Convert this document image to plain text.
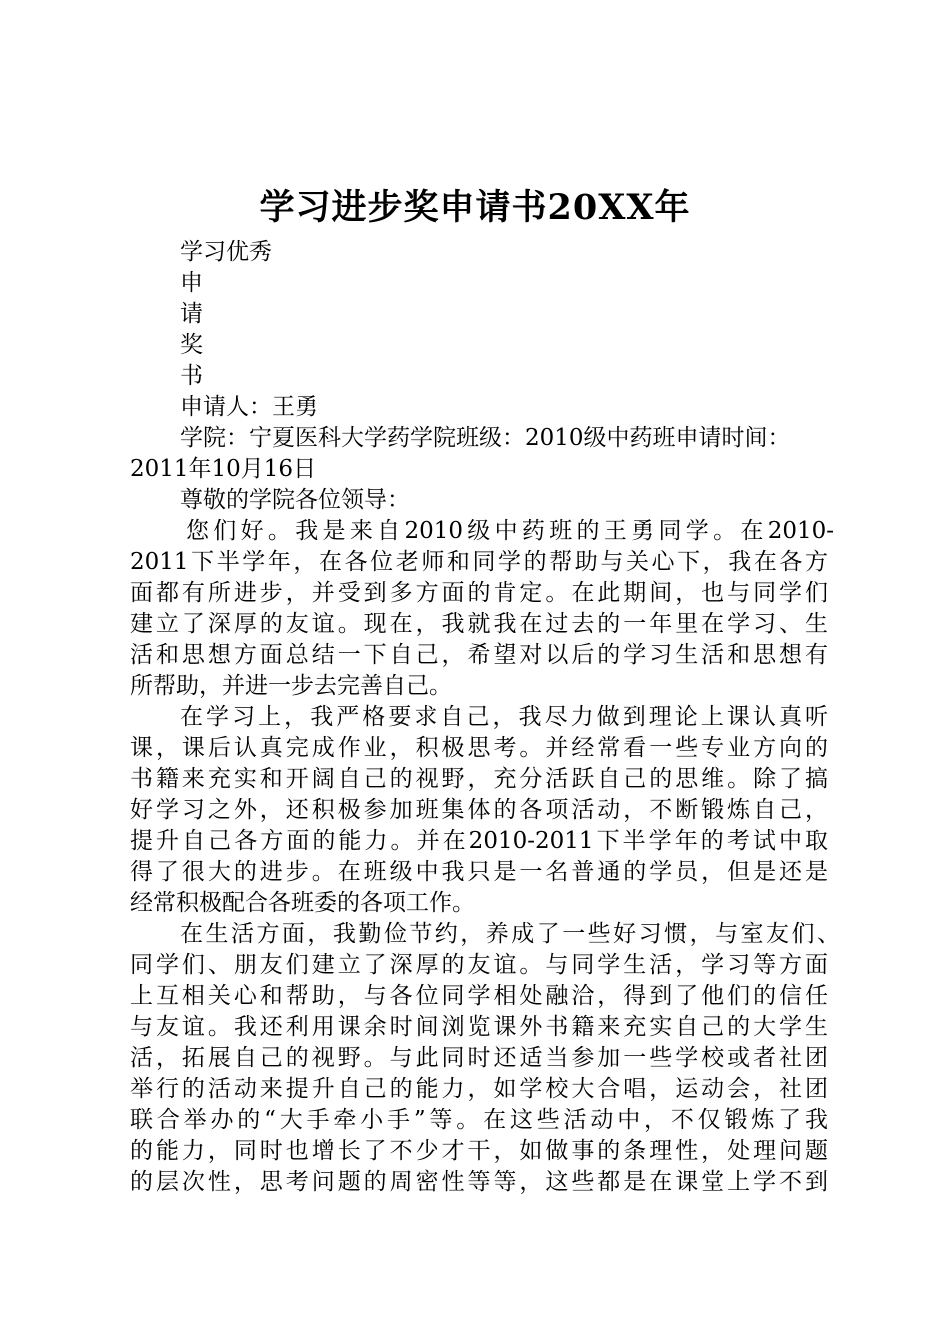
学习进步奖申请书20XX年
学习优秀
申
请
奖
书
申请人：王勇
学院：宁夏医科大学药学院班级：2010级中药班申请时间：
2011年10月16日
尊敬的学院各位领导：
您们好。我是来自2010级中药班的王勇同学。在2010-
2011下半学年，在各位老师和同学的帮助与关心下，我在各方
面都有所进步，并受到多方面的肯定。在此期间，也与同学们
建立了深厚的友谊。现在，我就我在过去的一年里在学习、生
活和思想方面总结一下自己，希望对以后的学习生活和思想有
所帮助，并进一步去完善自己。
在学习上，我严格要求自己，我尽力做到理论上课认真听
课，课后认真完成作业，积极思考。并经常看一些专业方向的
书籍来充实和开阔自己的视野，充分活跃自己的思维。除了搞
好学习之外，还积极参加班集体的各项活动，不断锻炼自己，
提升自己各方面的能力。并在2010-2011下半学年的考试中取
得了很大的进步。在班级中我只是一名普通的学员，但是还是
经常积极配合各班委的各项工作。
在生活方面，我勤俭节约，养成了一些好习惯，与室友们、
同学们、朋友们建立了深厚的友谊。与同学生活，学习等方面
上互相关心和帮助，与各位同学相处融洽，得到了他们的信任
与友谊。我还利用课余时间浏览课外书籍来充实自己的大学生
活，拓展自己的视野。与此同时还适当参加一些学校或者社团
举行的活动来提升自己的能力，如学校大合唱，运动会，社团
联合举办的“大手牵小手”等。在这些活动中，不仅锻炼了我
的能力，同时也增长了不少才干，如做事的条理性，处理问题
的层次性，思考问题的周密性等等，这些都是在课堂上学不到
